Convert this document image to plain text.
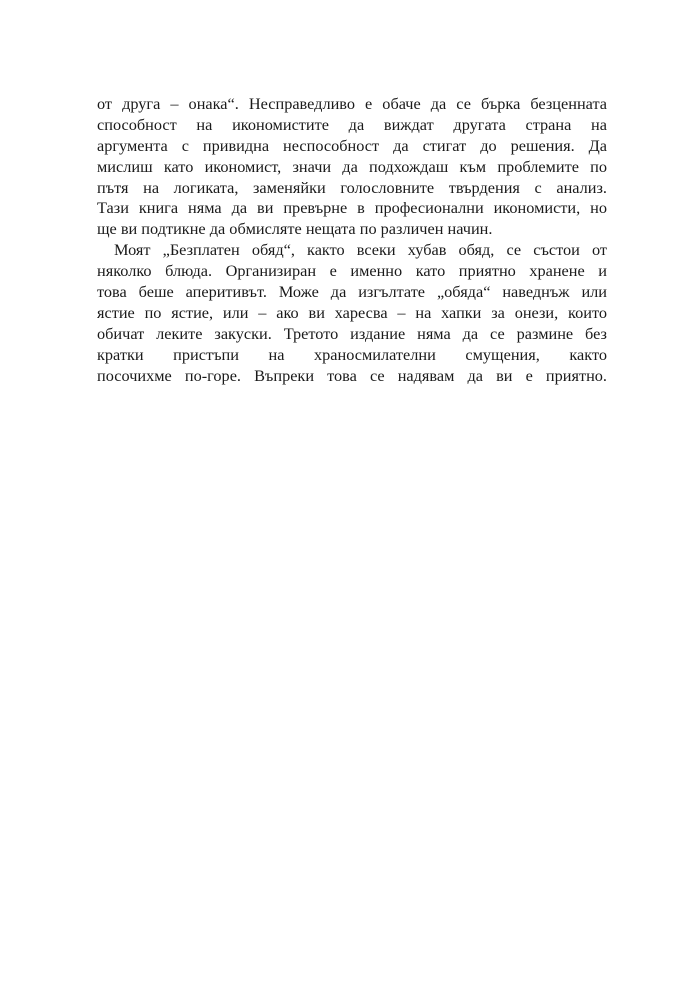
от друга – онака“. Несправедливо е обаче да се бърка безценната
способност на икономистите да виждат другата страна на
аргумента с привидна неспособност да стигат до решения. Да
мислиш като икономист, значи да подхождаш към проблемите по
пътя на логиката, заменяйки голословните твърдения с анализ.
Тази книга няма да ви превърне в професионални икономисти, но
ще ви подтикне да обмисляте нещата по различен начин.
Моят „Безплатен обяд“, както всеки хубав обяд, се състои от
няколко блюда. Организиран е именно като приятно хранене и
това беше аперитивът. Може да изгълтате „обяда“ наведнъж или
ястие по ястие, или – ако ви харесва – на хапки за онези, които
обичат леките закуски. Третото издание няма да се размине без
кратки пристъпи на храносмилателни смущения, както
посочихме по-горе. Въпреки това се надявам да ви е приятно.
